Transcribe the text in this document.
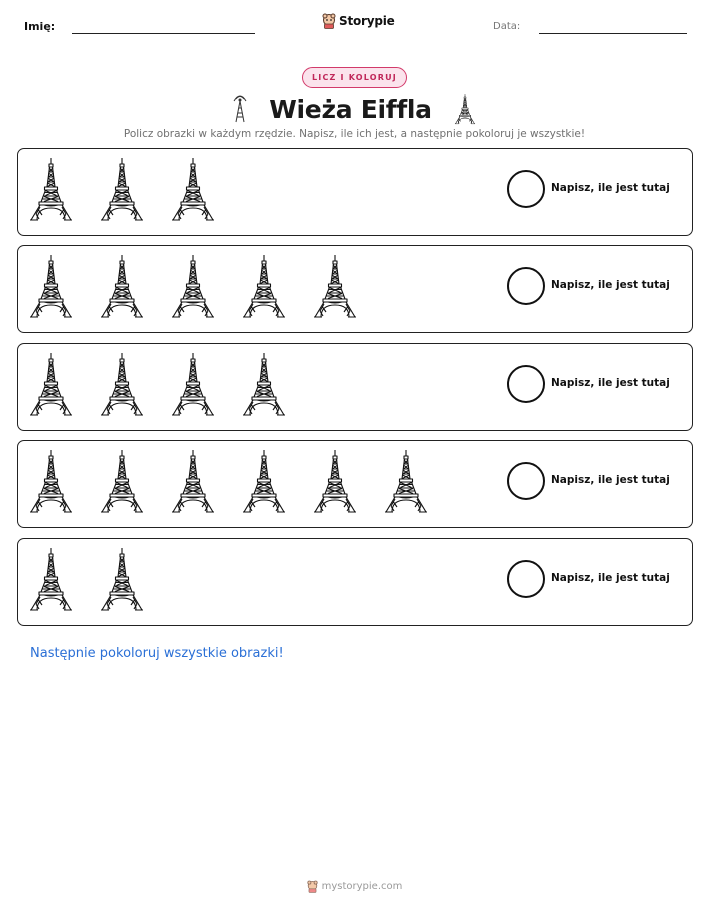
Imię:	Storypie	Data:
LICZ I KOLORUJ
Wieża Eiffla
Policz obrazki w każdym rzędzie. Napisz, ile ich jest, a następnie pokoloruj je wszystkie!
Napisz, ile jest tutaj
Napisz, ile jest tutaj
Napisz, ile jest tutaj
Napisz, ile jest tutaj
Napisz, ile jest tutaj
Następnie pokoloruj wszystkie obrazki!
mystorypie.com
